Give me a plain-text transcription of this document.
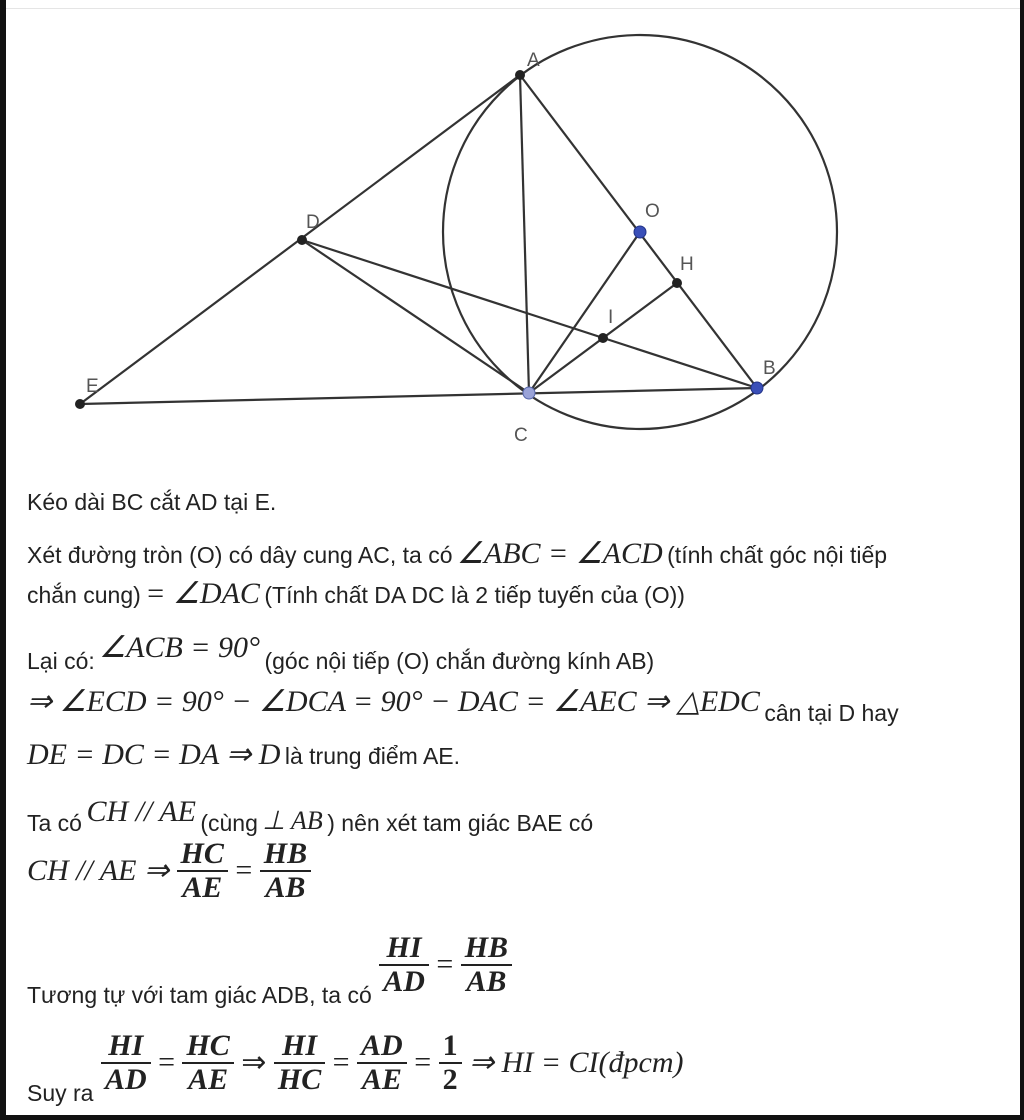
A
D
E
O
H
I
B
C
Kéo dài BC cắt AD tại E.
Xét đường tròn (O) có dây cung AC, ta có ∠ABC = ∠ACD (tính chất góc nội tiếp
chắn cung) = ∠DAC (Tính chất DA DC là 2 tiếp tuyến của (O))
Lại có: ∠ACB = 90° (góc nội tiếp (O) chắn đường kính AB)
⇒ ∠ECD = 90° − ∠DCA = 90° − DAC = ∠AEC ⇒ △EDC cân tại D hay
DE = DC = DA ⇒ D là trung điểm AE.
Ta có CH // AE (cùng ⊥ AB ) nên xét tam giác BAE có
CH // AE ⇒ $\frac{HC}{AE} = \frac{HB}{AB}$
Tương tự với tam giác ADB, ta có $\frac{HI}{AD} = \frac{HB}{AB}$
Suy ra $\frac{HI}{AD} = \frac{HC}{AE}$ ⇒ $\frac{HI}{HC} = \frac{AD}{AE} = \frac{1}{2}$ ⇒ HI = CI(đpcm)
